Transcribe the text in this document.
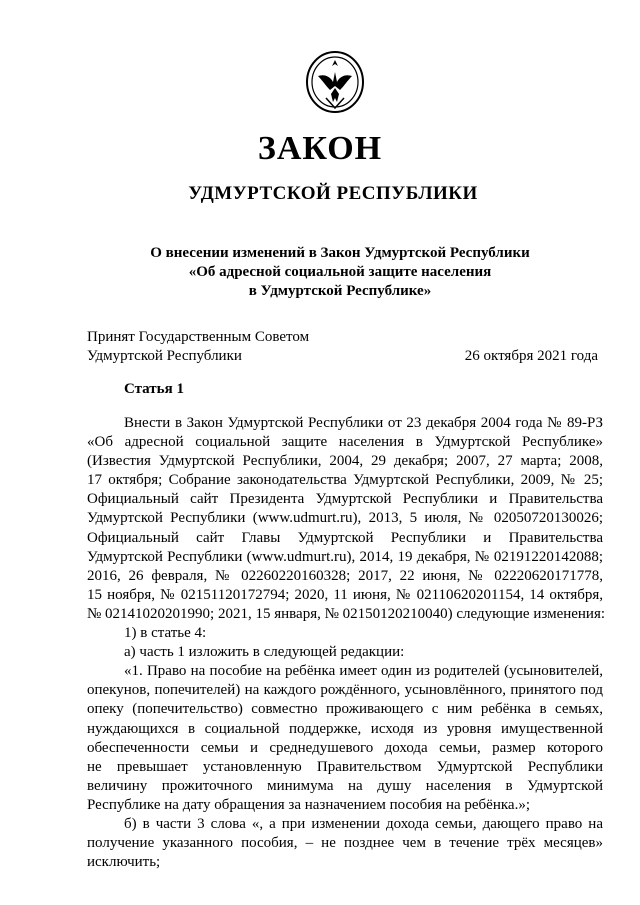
ЗАКОН
УДМУРТСКОЙ РЕСПУБЛИКИ
О внесении изменений в Закон Удмуртской Республики
«Об адресной социальной защите населения
в Удмуртской Республике»
Принят Государственным Советом
Удмуртской Республики	26 октября 2021 года
Статья 1
Внести в Закон Удмуртской Республики от 23 декабря 2004 года № 89-РЗ
«Об адресной социальной защите населения в Удмуртской Республике»
(Известия Удмуртской Республики, 2004, 29 декабря; 2007, 27 марта; 2008,
17 октября; Собрание законодательства Удмуртской Республики, 2009, № 25;
Официальный сайт Президента Удмуртской Республики и Правительства
Удмуртской Республики (www.udmurt.ru), 2013, 5 июля, № 02050720130026;
Официальный сайт Главы Удмуртской Республики и Правительства
Удмуртской Республики (www.udmurt.ru), 2014, 19 декабря, № 02191220142088;
2016, 26 февраля, № 02260220160328; 2017, 22 июня, № 02220620171778,
15 ноября, № 02151120172794; 2020, 11 июня, № 02110620201154, 14 октября,
№ 02141020201990; 2021, 15 января, № 02150120210040) следующие изменения:
1) в статье 4:
а) часть 1 изложить в следующей редакции:
«1. Право на пособие на ребёнка имеет один из родителей (усыновителей,
опекунов, попечителей) на каждого рождённого, усыновлённого, принятого под
опеку (попечительство) совместно проживающего с ним ребёнка в семьях,
нуждающихся в социальной поддержке, исходя из уровня имущественной
обеспеченности семьи и среднедушевого дохода семьи, размер которого
не превышает установленную Правительством Удмуртской Республики
величину прожиточного минимума на душу населения в Удмуртской
Республике на дату обращения за назначением пособия на ребёнка.»;
б) в части 3 слова «, а при изменении дохода семьи, дающего право на
получение указанного пособия, – не позднее чем в течение трёх месяцев»
исключить;
